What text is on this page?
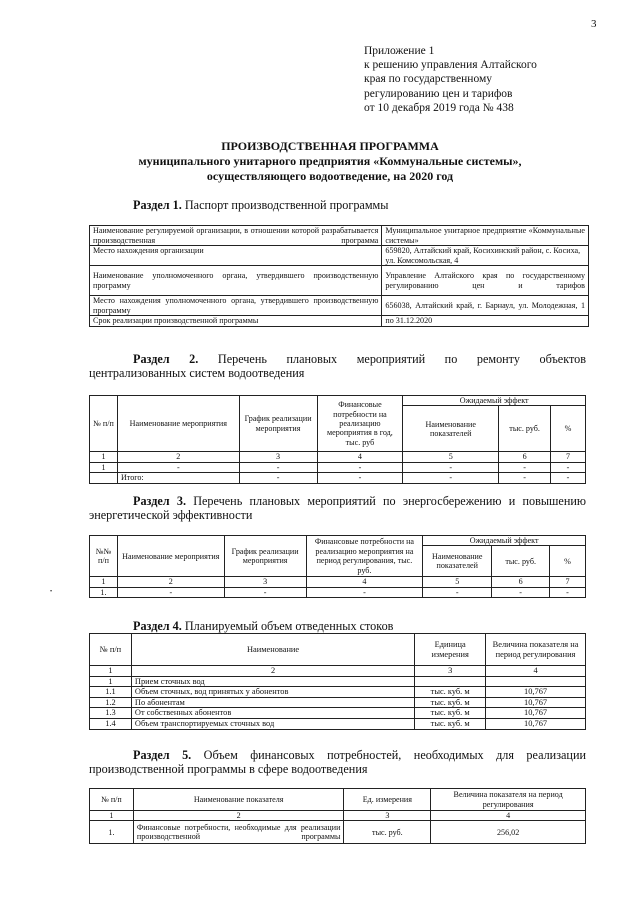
3
Приложение 1
к решению управления Алтайского
края по государственному
регулированию цен и тарифов
от 10 декабря 2019 года № 438
ПРОИЗВОДСТВЕННАЯ ПРОГРАММА
муниципального унитарного предприятия «Коммунальные системы»,
осуществляющего водоотведение, на 2020 год
Раздел 1. Паспорт производственной программы
Наименование регулируемой организации, в отношении которой разрабатывается производственная программа	Муниципальное унитарное предприятие «Коммунальные системы»
Место нахождения организации	659820, Алтайский край, Косихинский район, с. Косиха, ул. Комсомольская, 4
Наименование уполномоченного органа, утвердившего производственную программу	Управление Алтайского края по государственному регулированию цен и тарифов
Место нахождения уполномоченного органа, утвердившего производственную программу	656038, Алтайский край, г. Барнаул, ул. Молодежная, 1
Срок реализации производственной программы	по 31.12.2020
Раздел 2. Перечень плановых мероприятий по ремонту объектов
централизованных систем водоотведения
№ п/п	Наименование мероприятия	График реализации мероприятия	Финансовые потребности на реализацию мероприятия в год, тыс. руб	Ожидаемый эффект		
				Наименование показателей	тыс. руб.	%
1	2	3	4	5	6	7
1	-	-	-	-	-	-
	Итого:	-	-	-	-	-
Раздел 3. Перечень плановых мероприятий по энергосбережению и повышению
энергетической эффективности
№№ п/п	Наименование мероприятия	График реализации мероприятия	Финансовые потребности на реализацию мероприятия на период регулирования, тыс. руб.	Ожидаемый эффект		
				Наименование показателей	тыс. руб.	%
1	2	3	4	5	6	7
1.	-	-	-	-	-	-
•
Раздел 4. Планируемый объем отведенных стоков
№ п/п	Наименование	Единица измерения	Величина показателя на период регулирования
1	2	3	4
1	Прием сточных вод		
1.1	Объем сточных, вод принятых у абонентов	тыс. куб. м	10,767
1.2	По абонентам	тыс. куб. м	10,767
1.3	От собственных абонентов	тыс. куб. м	10,767
1.4	Объем транспортируемых сточных вод	тыс. куб. м	10,767
Раздел 5. Объем финансовых потребностей, необходимых для реализации
производственной программы в сфере водоотведения
№ п/п	Наименование показателя	Ед. измерения	Величина показателя на период регулирования
1	2	3	4
1.	Финансовые потребности, необходимые для реализации производственной программы	тыс. руб.	256,02
